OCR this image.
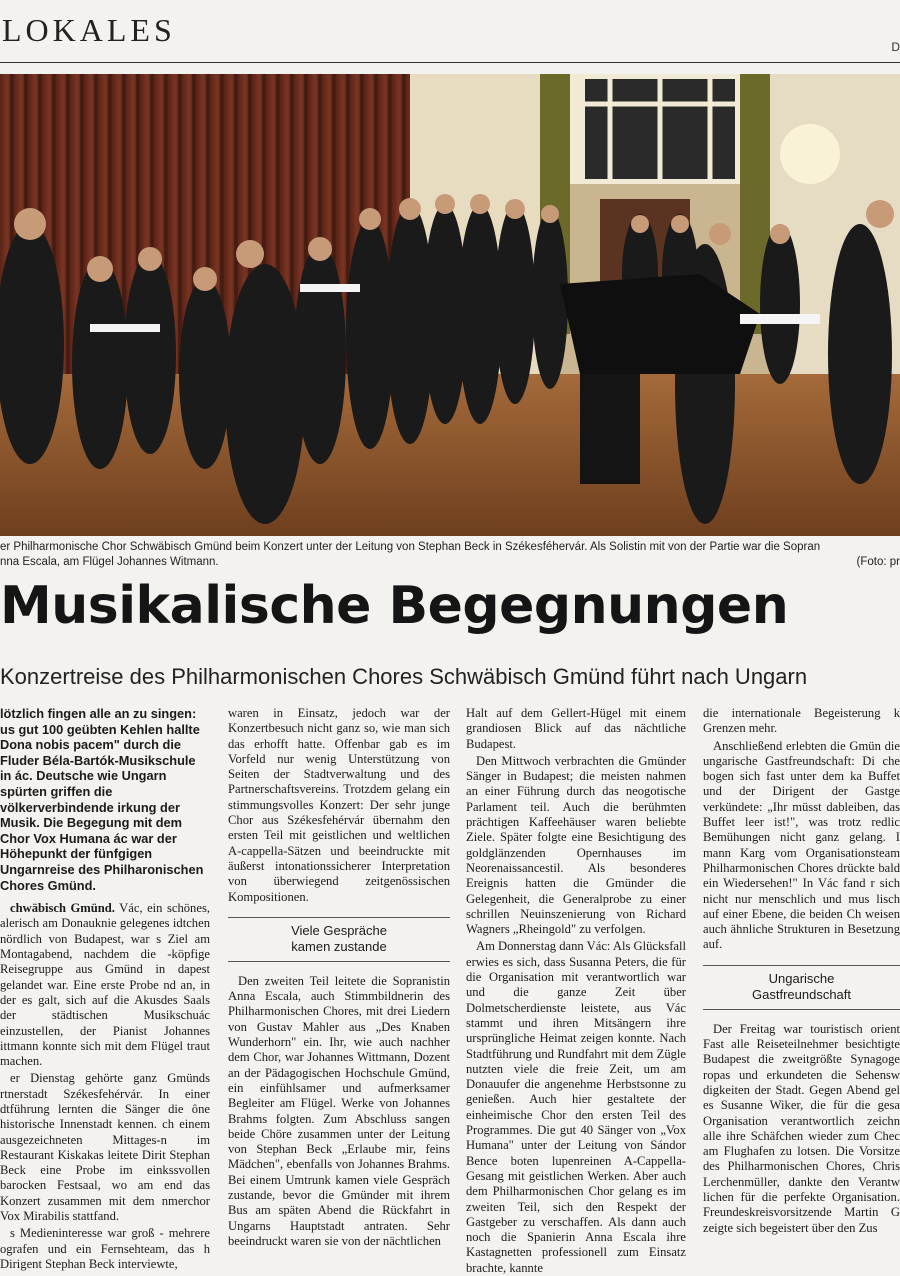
LOKALES	D
er Philharmonische Chor Schwäbisch Gmünd beim Konzert unter der Leitung von Stephan Beck in Székesféhervár. Als Solistin mit von der Partie war die Sopran
nna Escala, am Flügel Johannes Witmann.	(Foto: pr
Musikalische Begegnungen
Konzertreise des Philharmonischen Chores Schwäbisch Gmünd führt nach Ungarn
lötzlich fingen alle an zu singen: us gut 100 geübten Kehlen hallte Dona nobis pacem" durch die Fluder Béla-Bartók-Musikschule in ác. Deutsche wie Ungarn spürten griffen die völkerverbindende irkung der Musik. Die Begegung mit dem Chor Vox Humana ác war der Höhepunkt der fünfgigen Ungarnreise des Philharonischen Chores Gmünd.

chwäbisch Gmünd. Vác, ein schönes, alerisch am Donauknie gelegenes idtchen nördlich von Budapest, war s Ziel am Montagabend, nachdem die -köpfige Reisegruppe aus Gmünd in dapest gelandet war. Eine erste Probe nd an, in der es galt, sich auf die Akusdes Saals der städtischen Musikschuác einzustellen, der Pianist Johannes ittmann konnte sich mit dem Flügel traut machen.

er Dienstag gehörte ganz Gmünds rtnerstadt Székesfehérvár. In einer dtführung lernten die Sänger die ône historische Innenstadt kennen. ch einem ausgezeichneten Mittages-n im Restaurant Kiskakas leitete Dirit Stephan Beck eine Probe im einkssvollen barocken Festsaal, wo am end das Konzert zusammen mit dem nmerchor Vox Mirabilis stattfand.

s Medieninteresse war groß - mehrere ografen und ein Fernsehteam, das h Dirigent Stephan Beck interviewte,

waren in Einsatz, jedoch war der Konzertbesuch nicht ganz so, wie man sich das erhofft hatte. Offenbar gab es im Vorfeld nur wenig Unterstützung von Seiten der Stadtverwaltung und des Partnerschaftsvereins. Trotzdem gelang ein stimmungsvolles Konzert: Der sehr junge Chor aus Székesfehérvár übernahm den ersten Teil mit geistlichen und weltlichen A-cappella-Sätzen und beeindruckte mit äußerst intonationssicherer Interpretation von überwiegend zeitgenössischen Kompositionen.

Viele Gespräche
kamen zustande

Den zweiten Teil leitete die Sopranistin Anna Escala, auch Stimmbildnerin des Philharmonischen Chores, mit drei Liedern von Gustav Mahler aus „Des Knaben Wunderhorn" ein. Ihr, wie auch nachher dem Chor, war Johannes Wittmann, Dozent an der Pädagogischen Hochschule Gmünd, ein einfühlsamer und aufmerksamer Begleiter am Flügel. Werke von Johannes Brahms folgten. Zum Abschluss sangen beide Chöre zusammen unter der Leitung von Stephan Beck „Erlaube mir, feins Mädchen", ebenfalls von Johannes Brahms. Bei einem Umtrunk kamen viele Gespräch zustande, bevor die Gmünder mit ihrem Bus am späten Abend die Rückfahrt in Ungarns Hauptstadt antraten. Sehr beeindruckt waren sie von der nächtlichen

Halt auf dem Gellert-Hügel mit einem grandiosen Blick auf das nächtliche Budapest.

Den Mittwoch verbrachten die Gmünder Sänger in Budapest; die meisten nahmen an einer Führung durch das neogotische Parlament teil. Auch die berühmten prächtigen Kaffeehäuser waren beliebte Ziele. Später folgte eine Besichtigung des goldglänzenden Opernhauses im Neorenaissancestil. Als besonderes Ereignis hatten die Gmünder die Gelegenheit, die Generalprobe zu einer schrillen Neuinszenierung von Richard Wagners „Rheingold" zu verfolgen.

Am Donnerstag dann Vác: Als Glücksfall erwies es sich, dass Susanna Peters, die für die Organisation mit verantwortlich war und die ganze Zeit über Dolmetscherdienste leistete, aus Vác stammt und ihren Mitsängern ihre ursprüngliche Heimat zeigen konnte. Nach Stadtführung und Rundfahrt mit dem Zügle nutzten viele die freie Zeit, um am Donauufer die angenehme Herbstsonne zu genießen. Auch hier gestaltete der einheimische Chor den ersten Teil des Programmes. Die gut 40 Sänger von „Vox Humana" unter der Leitung von Sándor Bence boten lupenreinen A-Cappella-Gesang mit geistlichen Werken. Aber auch dem Philharmonischen Chor gelang es im zweiten Teil, sich den Respekt der Gastgeber zu verschaffen. Als dann auch noch die Spanierin Anna Escala ihre Kastagnetten professionell zum Einsatz brachte, kannte

die internationale Begeisterung k Grenzen mehr.

Anschließend erlebten die Gmün die ungarische Gastfreundschaft: Di che bogen sich fast unter dem ka Buffet und der Dirigent der Gastge verkündete: „Ihr müsst dableiben, das Buffet leer ist!", was trotz redlic Bemühungen nicht ganz gelang. I mann Karg vom Organisationsteam Philharmonischen Chores drückte bald ein Wiedersehen!" In Vác fand r sich nicht nur menschlich und mus lisch auf einer Ebene, die beiden Ch weisen auch ähnliche Strukturen in Besetzung auf.

Ungarische
Gastfreundschaft

Der Freitag war touristisch orient Fast alle Reiseteilnehmer besichtigte Budapest die zweitgrößte Synagoge ropas und erkundeten die Sehensw digkeiten der Stadt. Gegen Abend gel es Susanne Wiker, die für die gesa Organisation verantwortlich zeichn alle ihre Schäfchen wieder zum Chec am Flughafen zu lotsen. Die Vorsitze des Philharmonischen Chores, Chris Lerchenmüller, dankte den Verantw lichen für die perfekte Organisation. Freundeskreisvorsitzende Martin G zeigte sich begeistert über den Zus
